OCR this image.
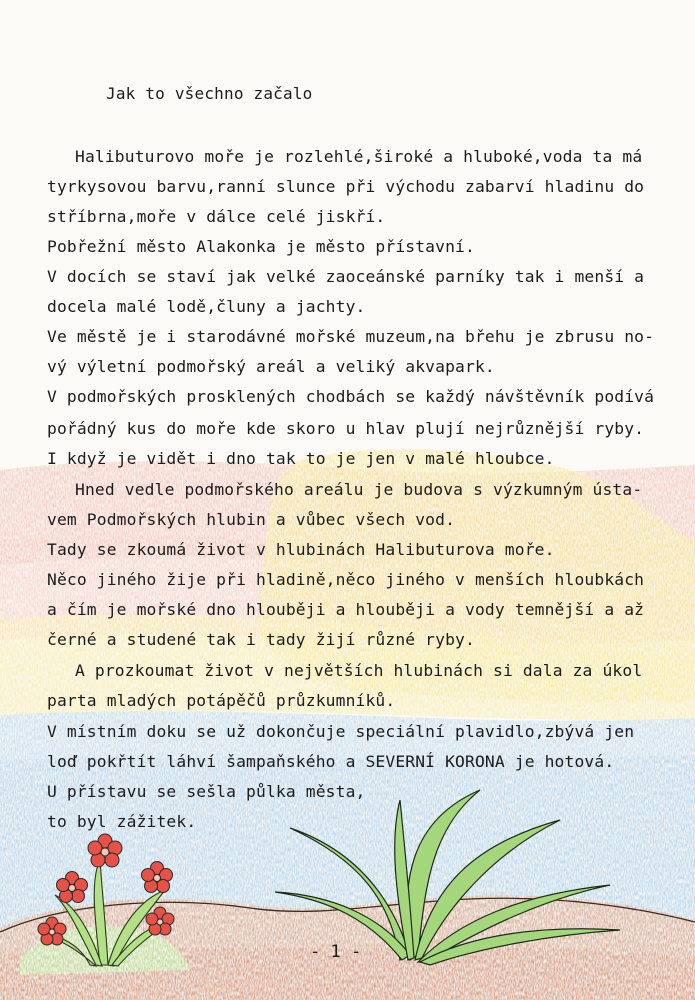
Jak to všechno začalo
Halibuturovo moře je rozlehlé,široké a hluboké,voda ta má
tyrkysovou barvu,ranní slunce při východu zabarví hladinu do
stříbrna,moře v dálce celé jiskří.
Pobřežní město Alakonka je město přístavní.
V docích se staví jak velké zaoceánské parníky tak i menší a
docela malé lodě,čluny a jachty.
Ve městě je i starodávné mořské muzeum,na břehu je zbrusu no-
vý výletní podmořský areál a veliký akvapark.
V podmořských prosklených chodbách se každý návštěvník podívá
pořádný kus do moře kde skoro u hlav plují nejrůznější ryby.
I když je vidět i dno tak to je jen v malé hloubce.
Hned vedle podmořského areálu je budova s výzkumným ústa-
vem Podmořských hlubin a vůbec všech vod.
Tady se zkoumá život v hlubinách Halibuturova moře.
Něco jiného žije při hladině,něco jiného v menších hloubkách
a čím je mořské dno hlouběji a hlouběji a vody temnější a až
černé a studené tak i tady žijí různé ryby.
A prozkoumat život v největších hlubinách si dala za úkol
parta mladých potápěčů průzkumníků.
V místním doku se už dokončuje speciální plavidlo,zbývá jen
loď pokřtít láhví šampaňského a SEVERNÍ KORONA je hotová.
U přístavu se sešla půlka města,
to byl zážitek.
- 1 -
